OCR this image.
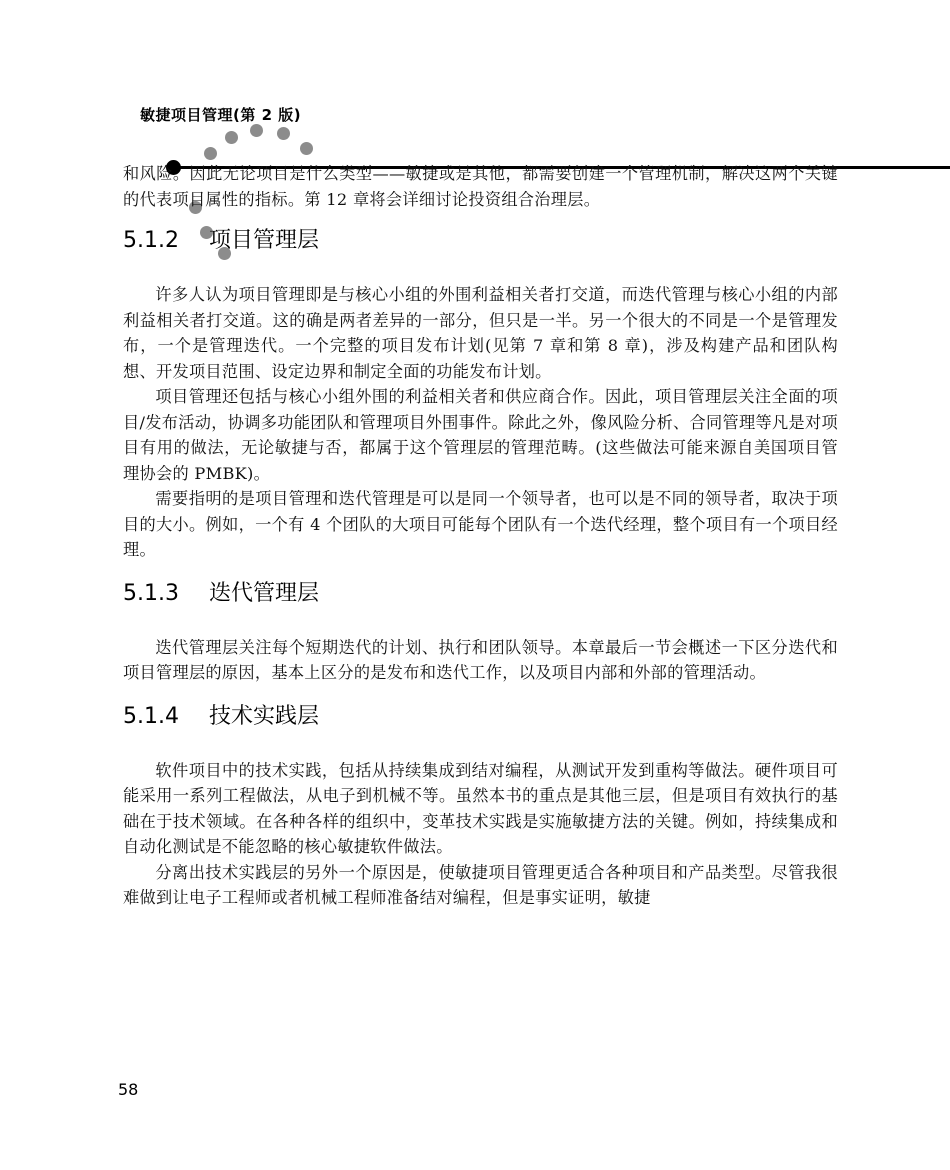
敏捷项目管理(第 2 版)

和风险。因此无论项目是什么类型——敏捷或是其他，都需要创建一个管理机制，解决这两个关键的代表项目属性的指标。第 12 章将会详细讨论投资组合治理层。

5.1.2 项目管理层

许多人认为项目管理即是与核心小组的外围利益相关者打交道，而迭代管理与核心小组的内部利益相关者打交道。这的确是两者差异的一部分，但只是一半。另一个很大的不同是一个是管理发布，一个是管理迭代。一个完整的项目发布计划(见第 7 章和第 8 章)，涉及构建产品和团队构想、开发项目范围、设定边界和制定全面的功能发布计划。

项目管理还包括与核心小组外围的利益相关者和供应商合作。因此，项目管理层关注全面的项目/发布活动，协调多功能团队和管理项目外围事件。除此之外，像风险分析、合同管理等凡是对项目有用的做法，无论敏捷与否，都属于这个管理层的管理范畴。(这些做法可能来源自美国项目管理协会的 PMBK)。

需要指明的是项目管理和迭代管理是可以是同一个领导者，也可以是不同的领导者，取决于项目的大小。例如，一个有 4 个团队的大项目可能每个团队有一个迭代经理，整个项目有一个项目经理。

5.1.3 迭代管理层

迭代管理层关注每个短期迭代的计划、执行和团队领导。本章最后一节会概述一下区分迭代和项目管理层的原因，基本上区分的是发布和迭代工作，以及项目内部和外部的管理活动。

5.1.4 技术实践层

软件项目中的技术实践，包括从持续集成到结对编程，从测试开发到重构等做法。硬件项目可能采用一系列工程做法，从电子到机械不等。虽然本书的重点是其他三层，但是项目有效执行的基础在于技术领域。在各种各样的组织中，变革技术实践是实施敏捷方法的关键。例如，持续集成和自动化测试是不能忽略的核心敏捷软件做法。

分离出技术实践层的另外一个原因是，使敏捷项目管理更适合各种项目和产品类型。尽管我很难做到让电子工程师或者机械工程师准备结对编程，但是事实证明，敏捷

58
